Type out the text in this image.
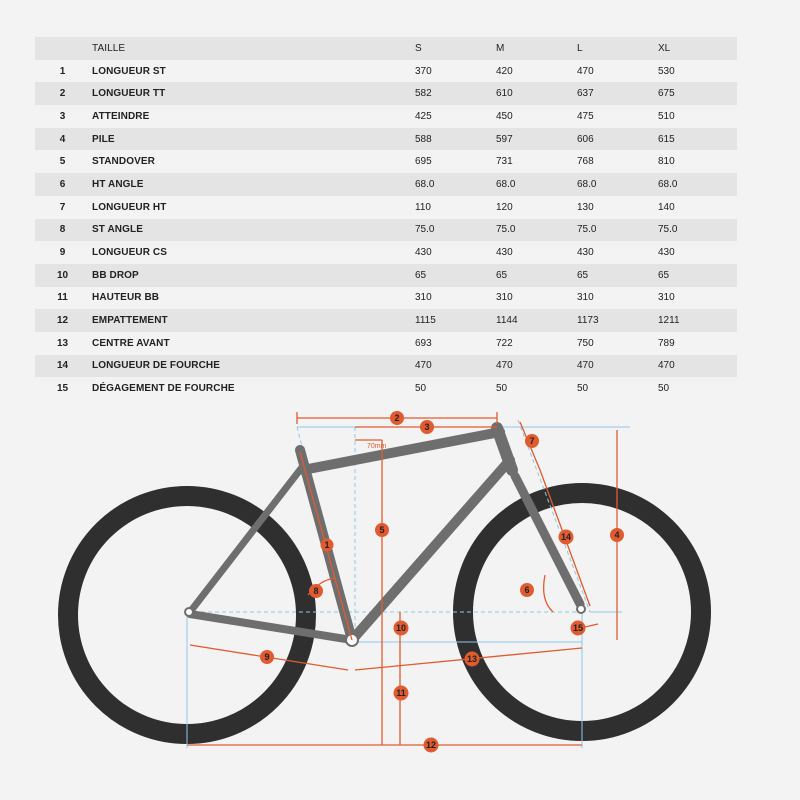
	TAILLE	S	M	L	XL
1	LONGUEUR ST	370	420	470	530
2	LONGUEUR TT	582	610	637	675
3	ATTEINDRE	425	450	475	510
4	PILE	588	597	606	615
5	STANDOVER	695	731	768	810
6	HT ANGLE	68.0	68.0	68.0	68.0
7	LONGUEUR HT	110	120	130	140
8	ST ANGLE	75.0	75.0	75.0	75.0
9	LONGUEUR CS	430	430	430	430
10	BB DROP	65	65	65	65
11	HAUTEUR BB	310	310	310	310
12	EMPATTEMENT	1115	1144	1173	1211
13	CENTRE AVANT	693	722	750	789
14	LONGUEUR DE FOURCHE	470	470	470	470
15	DÉGAGEMENT DE FOURCHE	50	50	50	50
70mm
1
2
3
4
5
6
7
8
9
10
11
12
13
14
15
